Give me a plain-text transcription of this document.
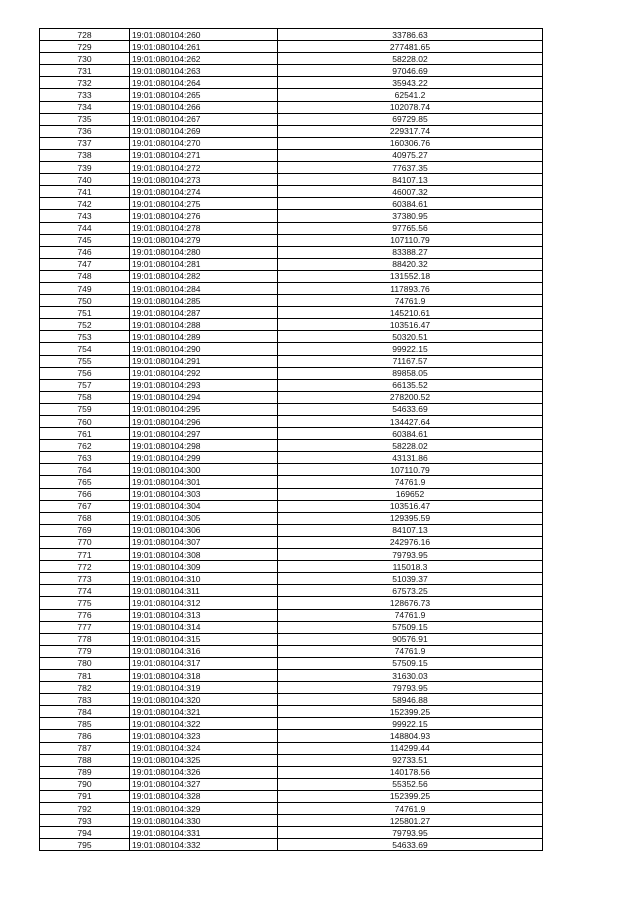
728	19:01:080104:260	33786.63
729	19:01:080104:261	277481.65
730	19:01:080104:262	58228.02
731	19:01:080104:263	97046.69
732	19:01:080104:264	35943.22
733	19:01:080104:265	62541.2
734	19:01:080104:266	102078.74
735	19:01:080104:267	69729.85
736	19:01:080104:269	229317.74
737	19:01:080104:270	160306.76
738	19:01:080104:271	40975.27
739	19:01:080104:272	77637.35
740	19:01:080104:273	84107.13
741	19:01:080104:274	46007.32
742	19:01:080104:275	60384.61
743	19:01:080104:276	37380.95
744	19:01:080104:278	97765.56
745	19:01:080104:279	107110.79
746	19:01:080104:280	83388.27
747	19:01:080104:281	88420.32
748	19:01:080104:282	131552.18
749	19:01:080104:284	117893.76
750	19:01:080104:285	74761.9
751	19:01:080104:287	145210.61
752	19:01:080104:288	103516.47
753	19:01:080104:289	50320.51
754	19:01:080104:290	99922.15
755	19:01:080104:291	71167.57
756	19:01:080104:292	89858.05
757	19:01:080104:293	66135.52
758	19:01:080104:294	278200.52
759	19:01:080104:295	54633.69
760	19:01:080104:296	134427.64
761	19:01:080104:297	60384.61
762	19:01:080104:298	58228.02
763	19:01:080104:299	43131.86
764	19:01:080104:300	107110.79
765	19:01:080104:301	74761.9
766	19:01:080104:303	169652
767	19:01:080104:304	103516.47
768	19:01:080104:305	129395.59
769	19:01:080104:306	84107.13
770	19:01:080104:307	242976.16
771	19:01:080104:308	79793.95
772	19:01:080104:309	115018.3
773	19:01:080104:310	51039.37
774	19:01:080104:311	67573.25
775	19:01:080104:312	128676.73
776	19:01:080104:313	74761.9
777	19:01:080104:314	57509.15
778	19:01:080104:315	90576.91
779	19:01:080104:316	74761.9
780	19:01:080104:317	57509.15
781	19:01:080104:318	31630.03
782	19:01:080104:319	79793.95
783	19:01:080104:320	58946.88
784	19:01:080104:321	152399.25
785	19:01:080104:322	99922.15
786	19:01:080104:323	148804.93
787	19:01:080104:324	114299.44
788	19:01:080104:325	92733.51
789	19:01:080104:326	140178.56
790	19:01:080104:327	55352.56
791	19:01:080104:328	152399.25
792	19:01:080104:329	74761.9
793	19:01:080104:330	125801.27
794	19:01:080104:331	79793.95
795	19:01:080104:332	54633.69
